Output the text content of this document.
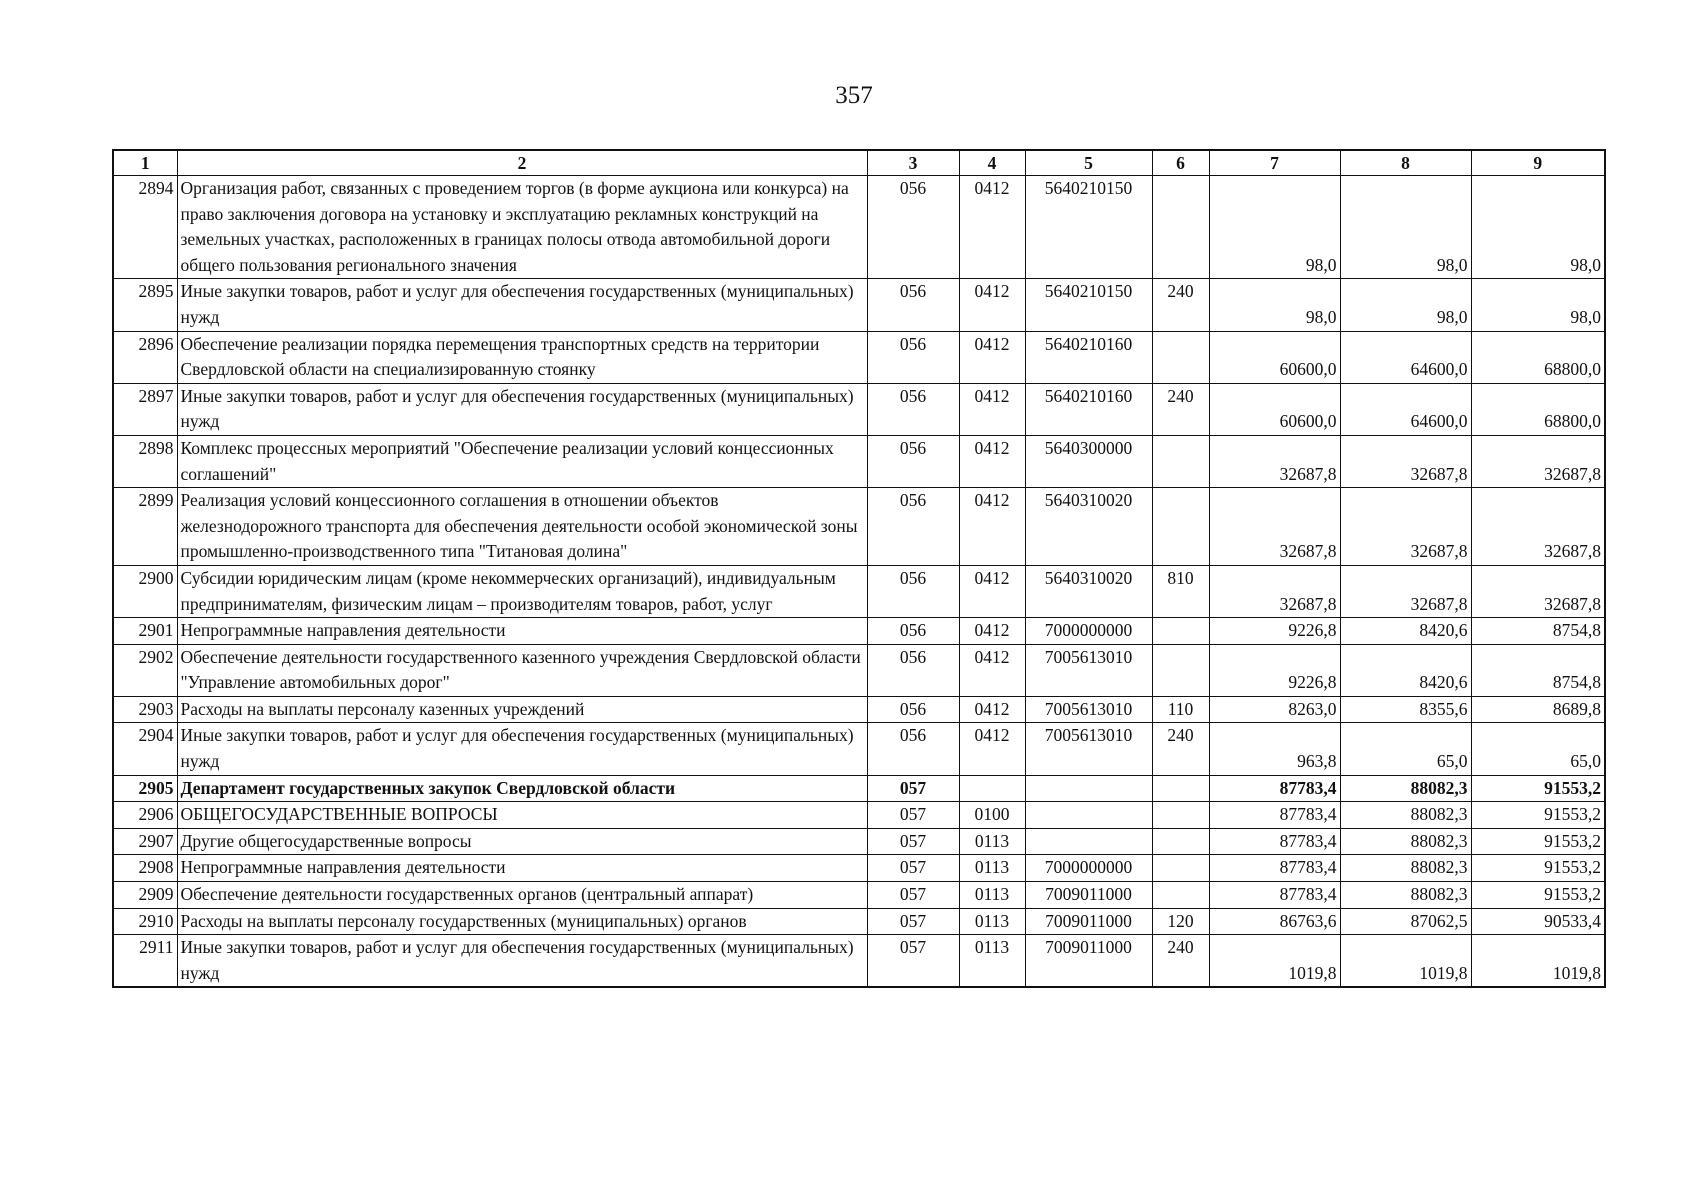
357
1	2	3	4	5	6	7	8	9
2894	Организация работ, связанных с проведением торгов (в форме аукциона или конкурса) на право заключения договора на установку и эксплуатацию рекламных конструкций на земельных участках, расположенных в границах полосы отвода автомобильной дороги общего пользования регионального значения	056	0412	5640210150		98,0	98,0	98,0
2895	Иные закупки товаров, работ и услуг для обеспечения государственных (муниципальных) нужд	056	0412	5640210150	240	98,0	98,0	98,0
2896	Обеспечение реализации порядка перемещения транспортных средств на территории Свердловской области на специализированную стоянку	056	0412	5640210160		60600,0	64600,0	68800,0
2897	Иные закупки товаров, работ и услуг для обеспечения государственных (муниципальных) нужд	056	0412	5640210160	240	60600,0	64600,0	68800,0
2898	Комплекс процессных мероприятий "Обеспечение реализации условий концессионных соглашений"	056	0412	5640300000		32687,8	32687,8	32687,8
2899	Реализация условий концессионного соглашения в отношении объектов железнодорожного транспорта для обеспечения деятельности особой экономической зоны промышленно-производственного типа "Титановая долина"	056	0412	5640310020		32687,8	32687,8	32687,8
2900	Субсидии юридическим лицам (кроме некоммерческих организаций), индивидуальным предпринимателям, физическим лицам – производителям товаров, работ, услуг	056	0412	5640310020	810	32687,8	32687,8	32687,8
2901	Непрограммные направления деятельности	056	0412	7000000000		9226,8	8420,6	8754,8
2902	Обеспечение деятельности государственного казенного учреждения Свердловской области "Управление автомобильных дорог"	056	0412	7005613010		9226,8	8420,6	8754,8
2903	Расходы на выплаты персоналу казенных учреждений	056	0412	7005613010	110	8263,0	8355,6	8689,8
2904	Иные закупки товаров, работ и услуг для обеспечения государственных (муниципальных) нужд	056	0412	7005613010	240	963,8	65,0	65,0
2905	Департамент государственных закупок Свердловской области	057				87783,4	88082,3	91553,2
2906	ОБЩЕГОСУДАРСТВЕННЫЕ ВОПРОСЫ	057	0100			87783,4	88082,3	91553,2
2907	Другие общегосударственные вопросы	057	0113			87783,4	88082,3	91553,2
2908	Непрограммные направления деятельности	057	0113	7000000000		87783,4	88082,3	91553,2
2909	Обеспечение деятельности государственных органов (центральный аппарат)	057	0113	7009011000		87783,4	88082,3	91553,2
2910	Расходы на выплаты персоналу государственных (муниципальных) органов	057	0113	7009011000	120	86763,6	87062,5	90533,4
2911	Иные закупки товаров, работ и услуг для обеспечения государственных (муниципальных) нужд	057	0113	7009011000	240	1019,8	1019,8	1019,8
